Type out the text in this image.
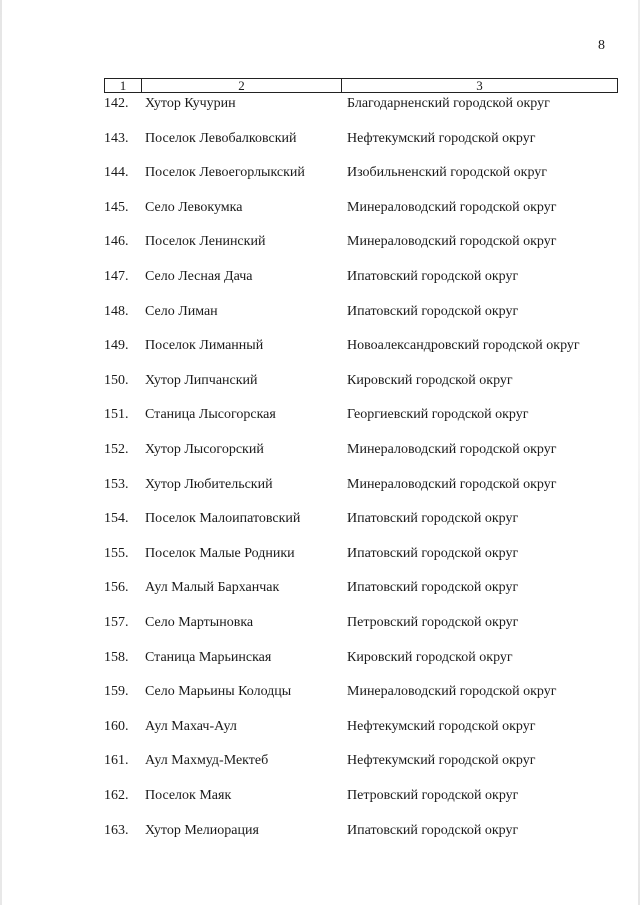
8
1	2	3
142.	Хутор Кучурин	Благодарненский городской округ
143.	Поселок Левобалковский	Нефтекумский городской округ
144.	Поселок Левоегорлыкский	Изобильненский городской округ
145.	Село Левокумка	Минераловодский городской округ
146.	Поселок Ленинский	Минераловодский городской округ
147.	Село Лесная Дача	Ипатовский городской округ
148.	Село Лиман	Ипатовский городской округ
149.	Поселок Лиманный	Новоалександровский городской округ
150.	Хутор Липчанский	Кировский городской округ
151.	Станица Лысогорская	Георгиевский городской округ
152.	Хутор Лысогорский	Минераловодский городской округ
153.	Хутор Любительский	Минераловодский городской округ
154.	Поселок Малоипатовский	Ипатовский городской округ
155.	Поселок Малые Родники	Ипатовский городской округ
156.	Аул Малый Барханчак	Ипатовский городской округ
157.	Село Мартыновка	Петровский городской округ
158.	Станица Марьинская	Кировский городской округ
159.	Село Марьины Колодцы	Минераловодский городской округ
160.	Аул Махач-Аул	Нефтекумский городской округ
161.	Аул Махмуд-Мектеб	Нефтекумский городской округ
162.	Поселок Маяк	Петровский городской округ
163.	Хутор Мелиорация	Ипатовский городской округ
